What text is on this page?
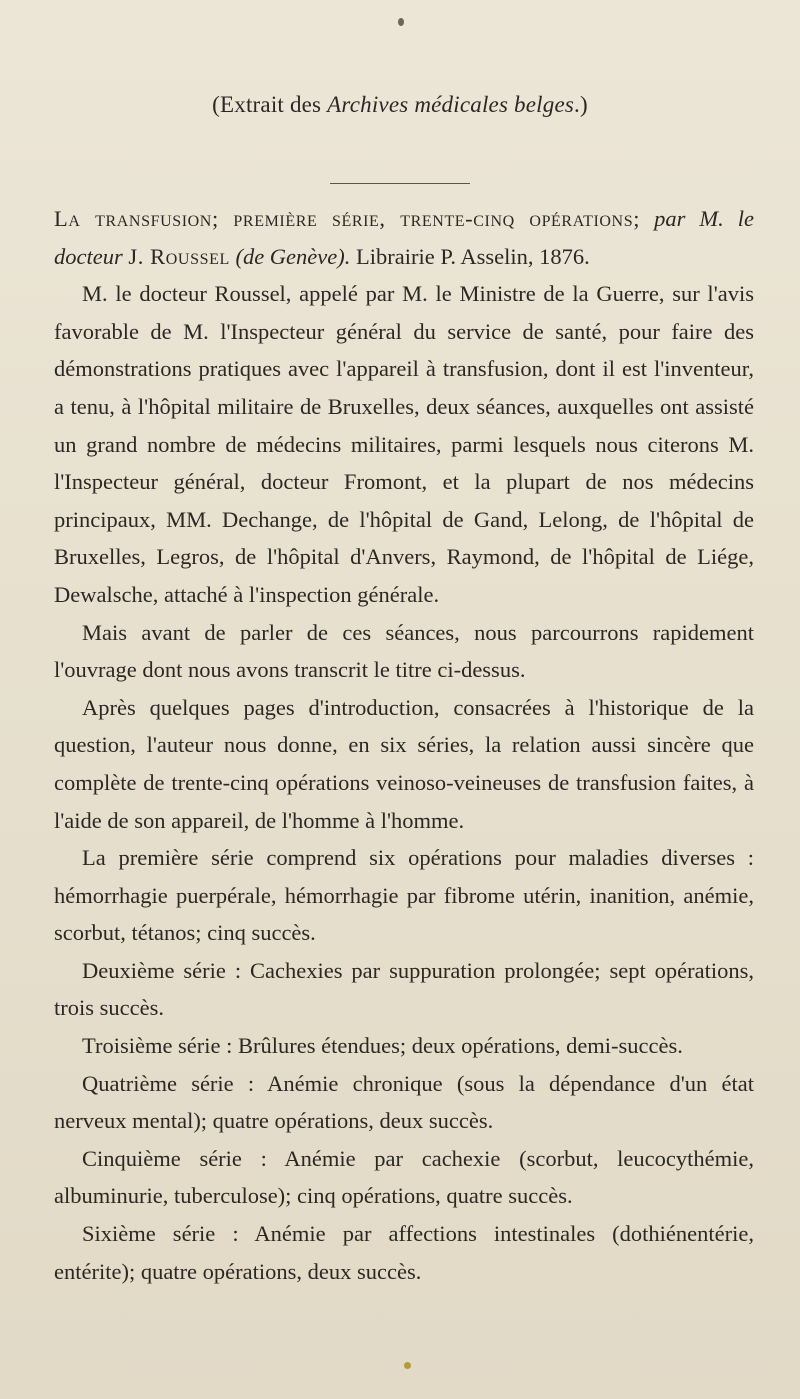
(Extrait des Archives médicales belges.)

La transfusion; première série, trente-cinq opérations; par M. le docteur J. Roussel (de Genève). Librairie P. Asselin, 1876.

M. le docteur Roussel, appelé par M. le Ministre de la Guerre, sur l'avis favorable de M. l'Inspecteur général du service de santé, pour faire des démonstrations pratiques avec l'appareil à transfusion, dont il est l'inventeur, a tenu, à l'hôpital militaire de Bruxelles, deux séances, auxquelles ont assisté un grand nombre de médecins militaires, parmi lesquels nous citerons M. l'Inspecteur général, docteur Fromont, et la plupart de nos médecins principaux, MM. Dechange, de l'hôpital de Gand, Lelong, de l'hôpital de Bruxelles, Legros, de l'hôpital d'Anvers, Raymond, de l'hôpital de Liége, Dewalsche, attaché à l'inspection générale.

Mais avant de parler de ces séances, nous parcourrons rapidement l'ouvrage dont nous avons transcrit le titre ci-dessus.

Après quelques pages d'introduction, consacrées à l'historique de la question, l'auteur nous donne, en six séries, la relation aussi sincère que complète de trente-cinq opérations veinoso-veineuses de transfusion faites, à l'aide de son appareil, de l'homme à l'homme.

La première série comprend six opérations pour maladies diverses : hémorrhagie puerpérale, hémorrhagie par fibrome utérin, inanition, anémie, scorbut, tétanos; cinq succès.

Deuxième série : Cachexies par suppuration prolongée; sept opérations, trois succès.

Troisième série : Brûlures étendues; deux opérations, demi-succès.

Quatrième série : Anémie chronique (sous la dépendance d'un état nerveux mental); quatre opérations, deux succès.

Cinquième série : Anémie par cachexie (scorbut, leucocythémie, albuminurie, tuberculose); cinq opérations, quatre succès.

Sixième série : Anémie par affections intestinales (dothiénentérie, entérite); quatre opérations, deux succès.
